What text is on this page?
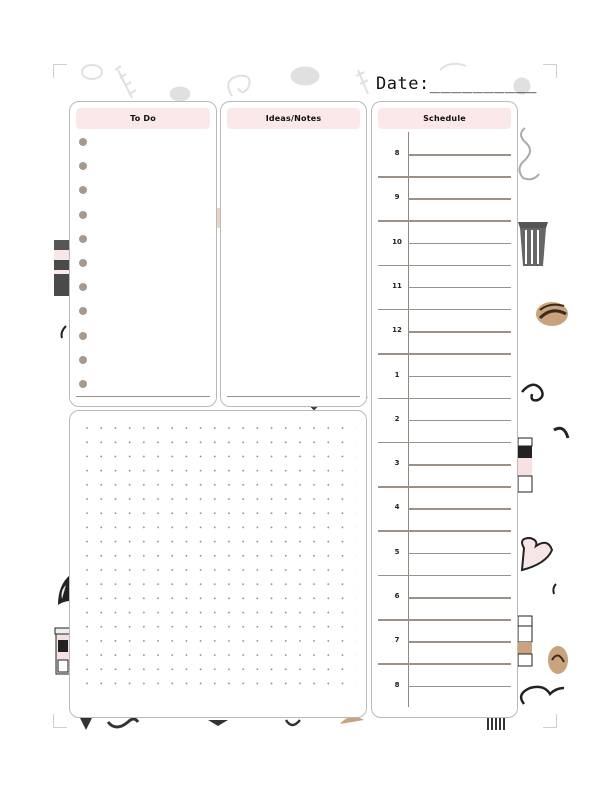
Date:__________
To Do	Ideas/Notes	Schedule
8
9
10
11
12
1
2
3
4
5
6
7
8
